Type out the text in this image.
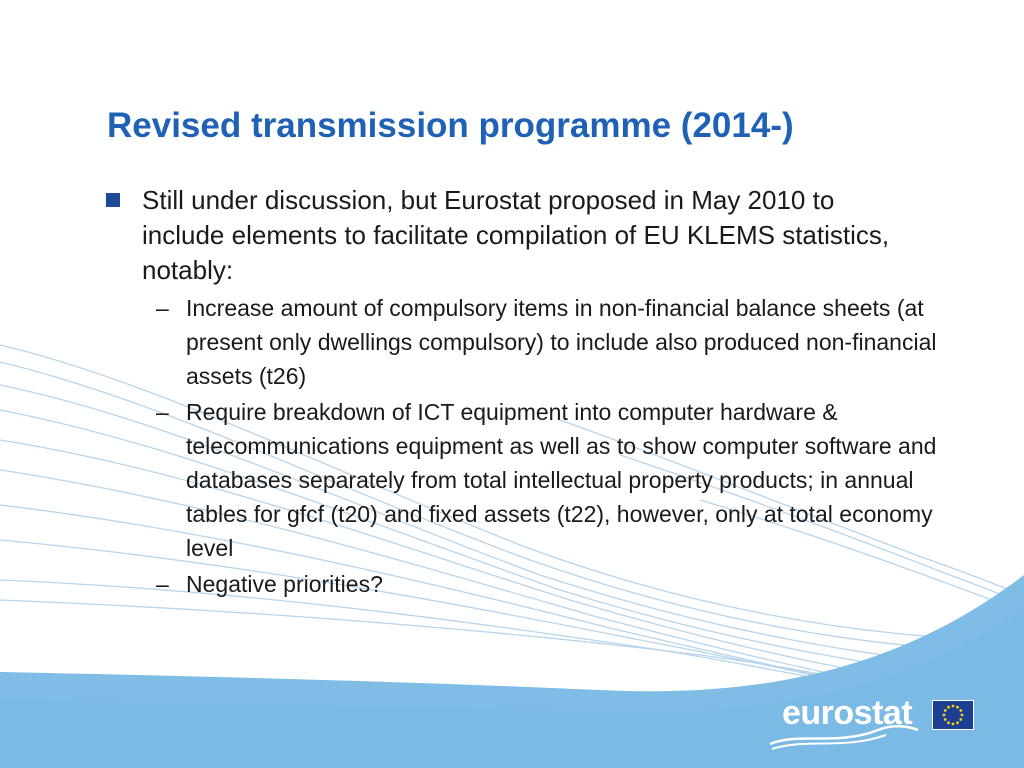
Revised transmission programme (2014-)
Still under discussion, but Eurostat proposed in May 2010 to include elements to facilitate compilation of EU KLEMS statistics, notably:
– Increase amount of compulsory items in non-financial balance sheets (at present only dwellings compulsory) to include also produced non-financial assets (t26)
– Require breakdown of ICT equipment into computer hardware & telecommunications equipment as well as to show computer software and databases separately from total intellectual property products; in annual tables for gfcf (t20) and fixed assets (t22), however, only at total economy level
– Negative priorities?
eurostat
